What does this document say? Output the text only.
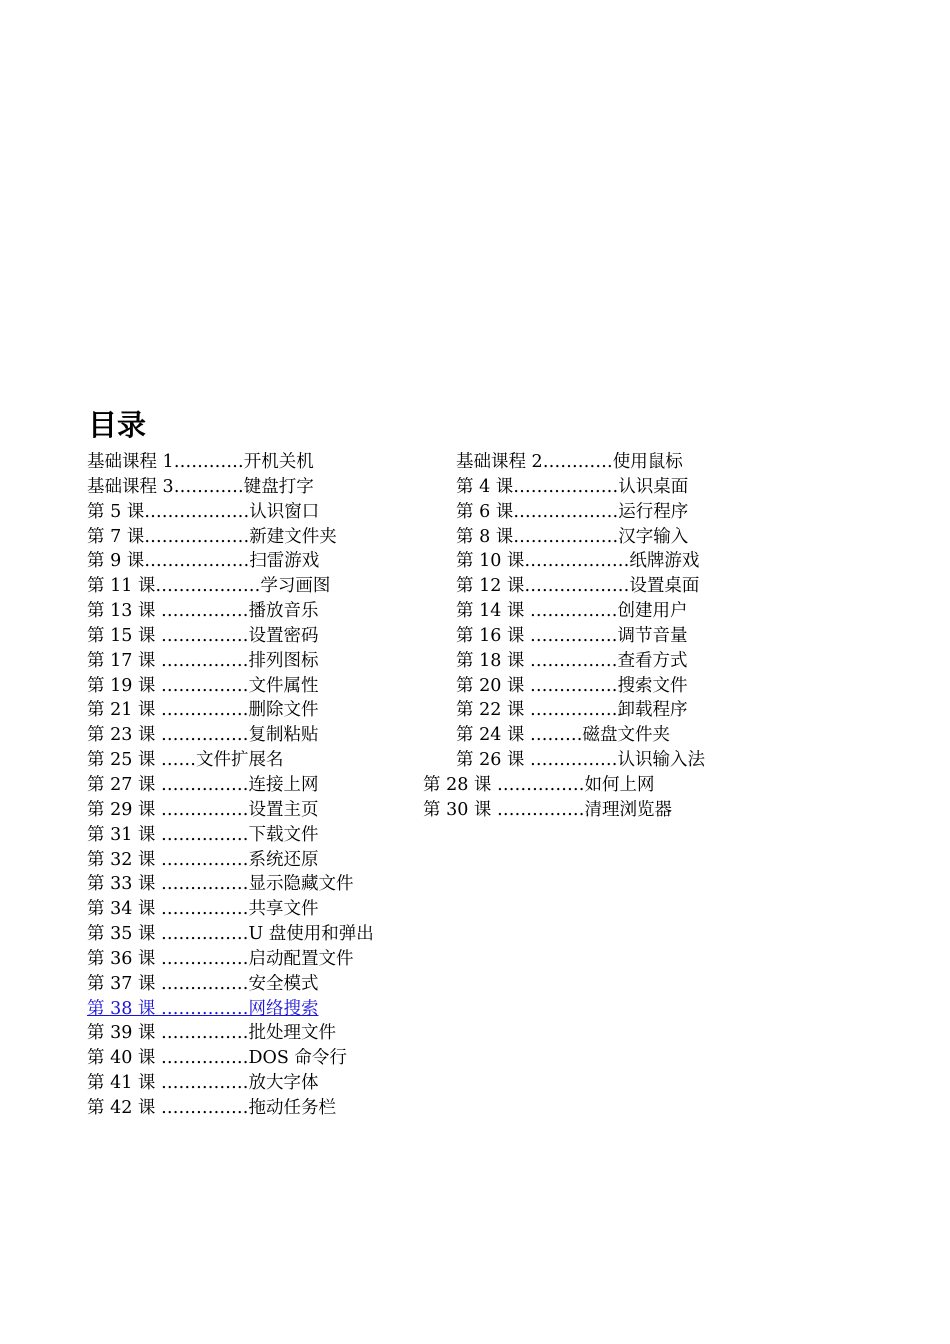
目录
基础课程 1…………开机关机
基础课程 3…………键盘打字
第 5 课………………认识窗口
第 7 课………………新建文件夹
第 9 课………………扫雷游戏
第 11 课………………学习画图
第 13 课 ……………播放音乐
第 15 课 ……………设置密码
第 17 课 ……………排列图标
第 19 课 ……………文件属性
第 21 课 ……………删除文件
第 23 课 ……………复制粘贴
第 25 课 ……文件扩展名
第 27 课 ……………连接上网
第 29 课 ……………设置主页
第 31 课 ……………下载文件
第 32 课 ……………系统还原
第 33 课 ……………显示隐藏文件
第 34 课 ……………共享文件
第 35 课 ……………U 盘使用和弹出
第 36 课 ……………启动配置文件
第 37 课 ……………安全模式
第 38 课 ……………网络搜索
第 39 课 ……………批处理文件
第 40 课 ……………DOS 命令行
第 41 课 ……………放大字体
第 42 课 ……………拖动任务栏
基础课程 2…………使用鼠标
第 4 课………………认识桌面
第 6 课………………运行程序
第 8 课………………汉字输入
第 10 课………………纸牌游戏
第 12 课………………设置桌面
第 14 课 ……………创建用户
第 16 课 ……………调节音量
第 18 课 ……………查看方式
第 20 课 ……………搜索文件
第 22 课 ……………卸载程序
第 24 课 ………磁盘文件夹
第 26 课 ……………认识输入法
第 28 课 ……………如何上网
第 30 课 ……………清理浏览器
